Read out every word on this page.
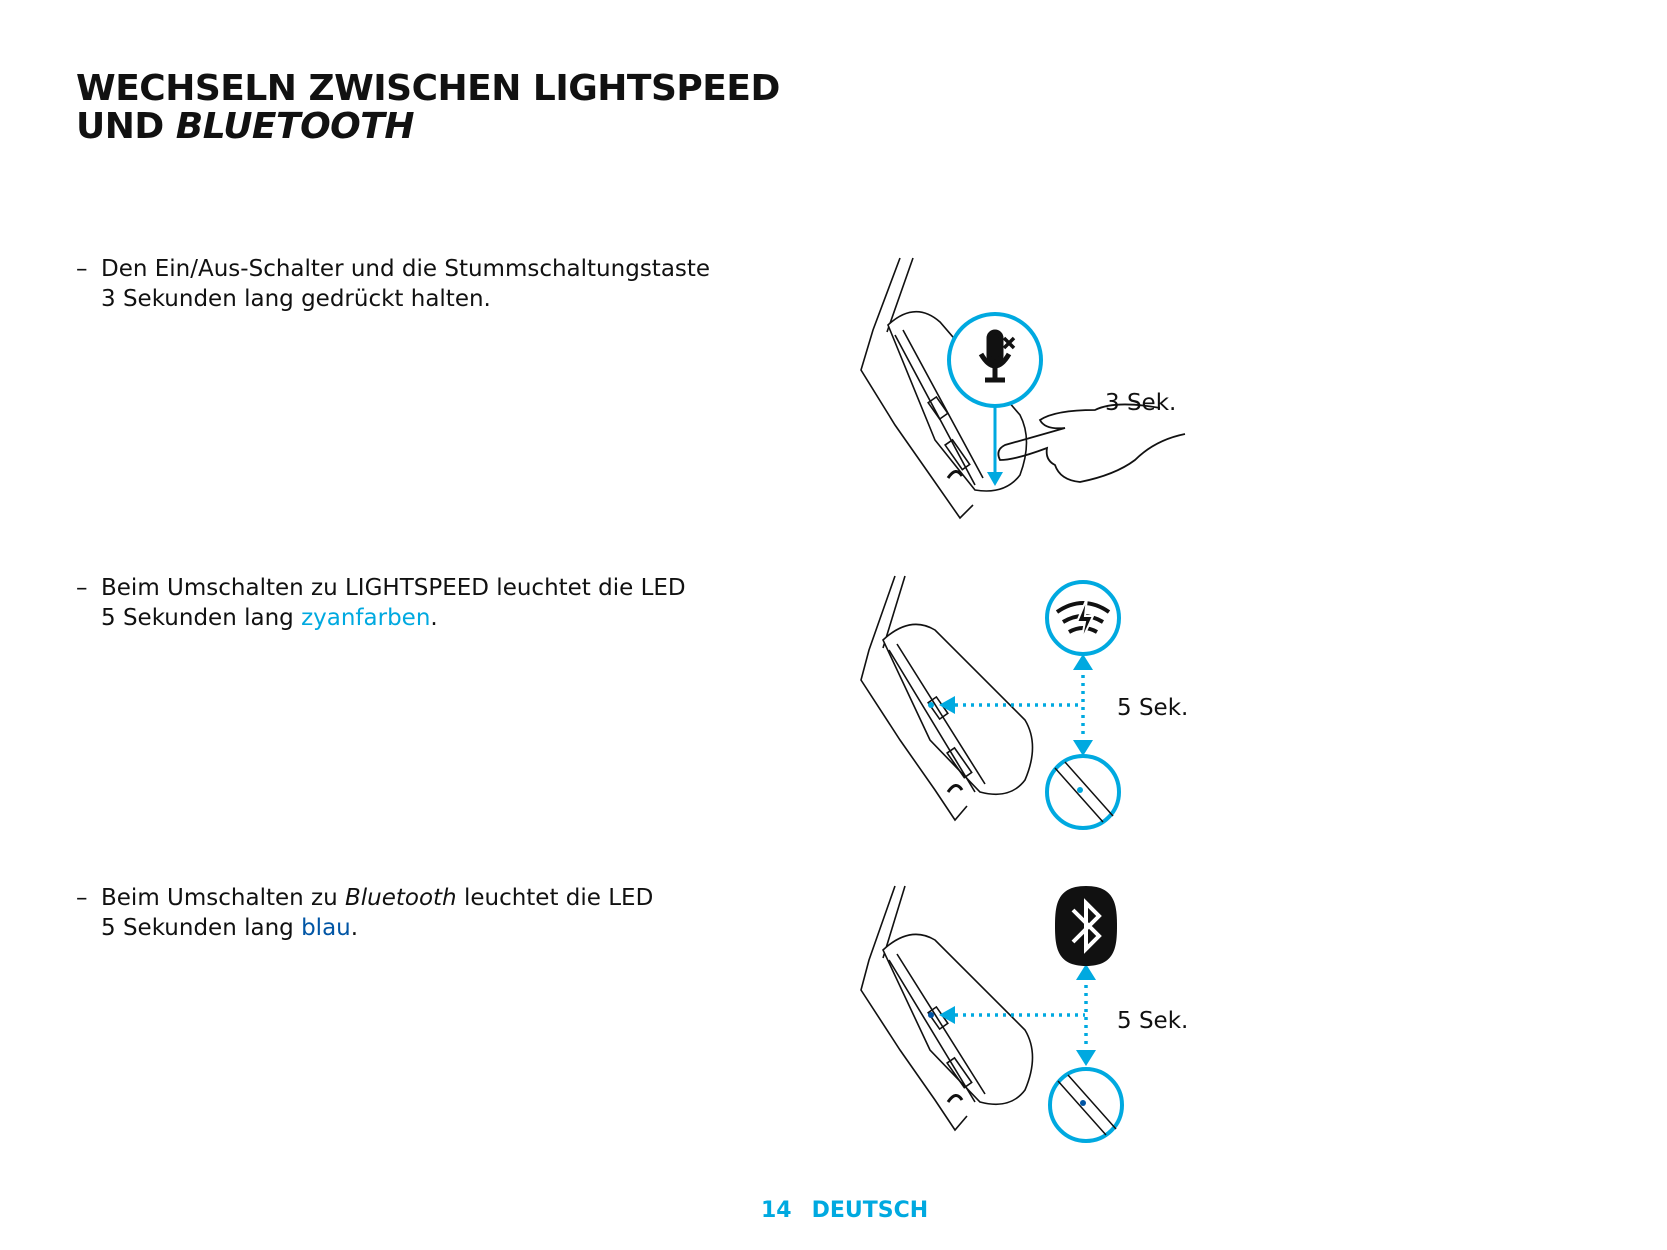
WECHSELN ZWISCHEN LIGHTSPEED
UND BLUETOOTH
– Den Ein/Aus-Schalter und die Stummschaltungstaste
3 Sekunden lang gedrückt halten.
– Beim Umschalten zu LIGHTSPEED leuchtet die LED
5 Sekunden lang zyanfarben.
– Beim Umschalten zu Bluetooth leuchtet die LED
5 Sekunden lang blau.
3 Sek.
5 Sek.
5 Sek.
14 DEUTSCH
